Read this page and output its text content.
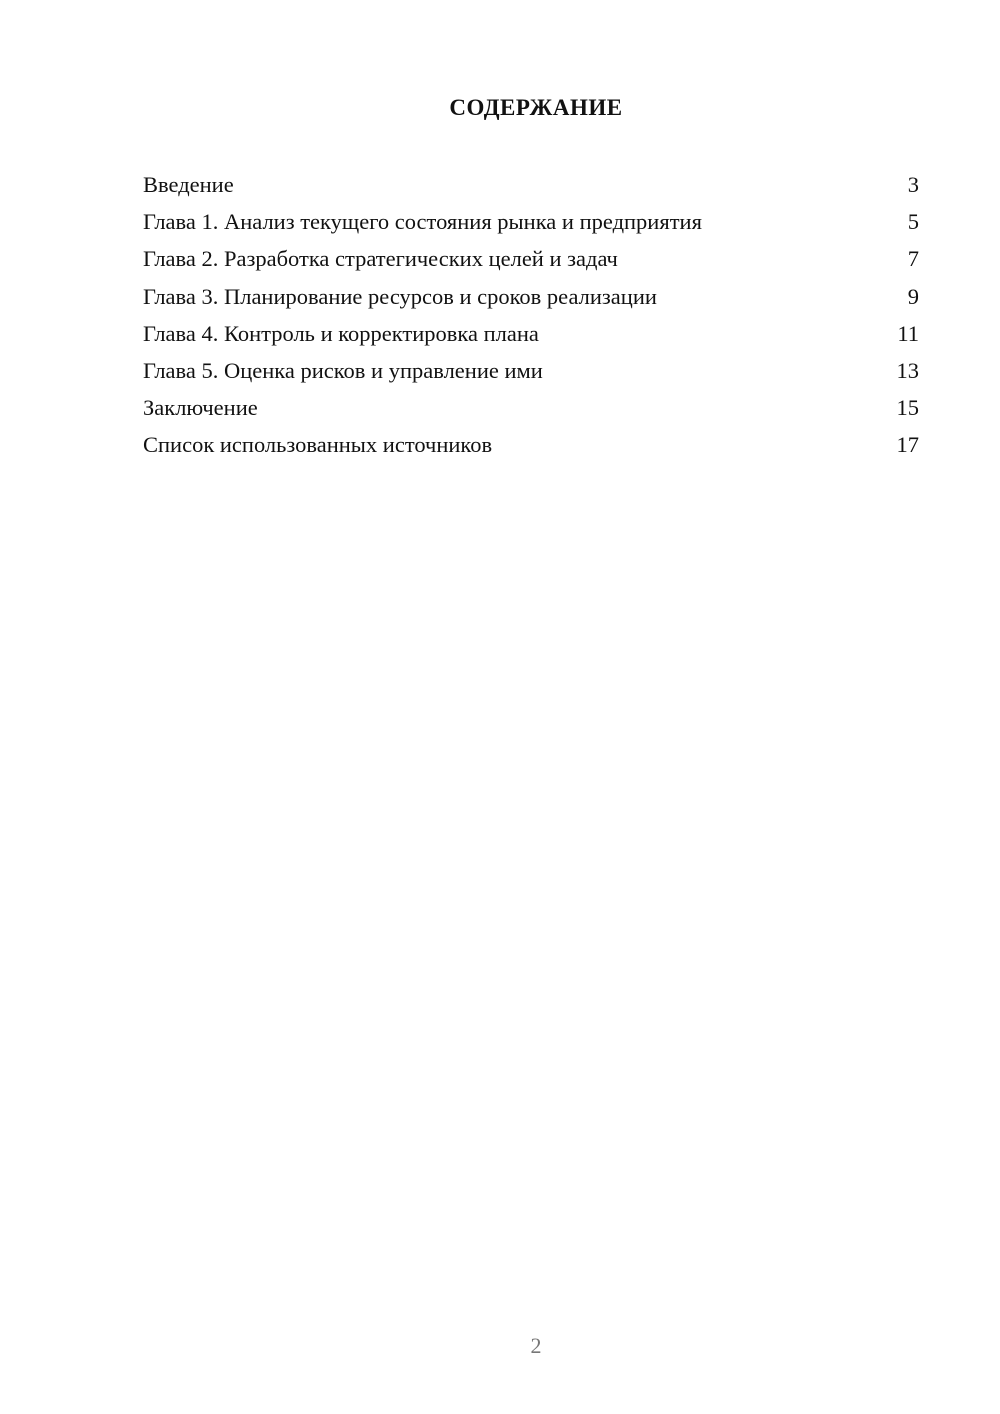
СОДЕРЖАНИЕ
Введение	3
Глава 1. Анализ текущего состояния рынка и предприятия	5
Глава 2. Разработка стратегических целей и задач	7
Глава 3. Планирование ресурсов и сроков реализации	9
Глава 4. Контроль и корректировка плана	11
Глава 5. Оценка рисков и управление ими	13
Заключение	15
Список использованных источников	17

2
